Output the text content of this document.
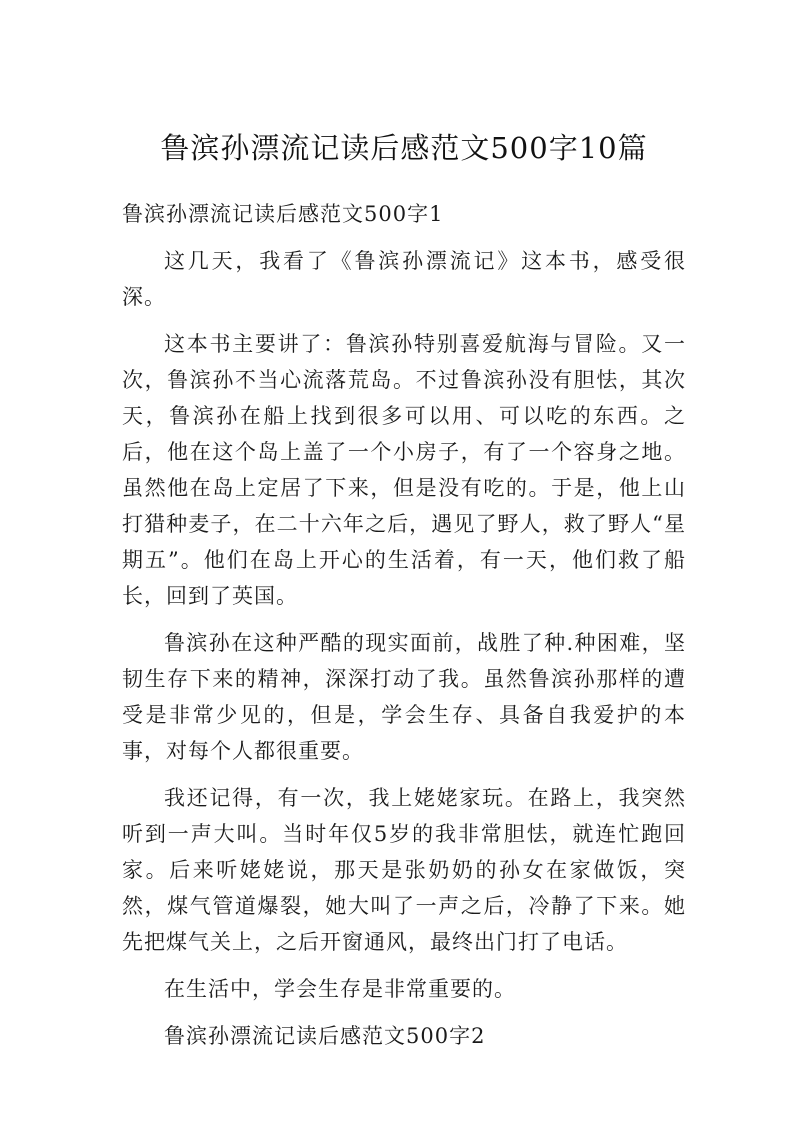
鲁滨孙漂流记读后感范文500字10篇

鲁滨孙漂流记读后感范文500字1

这几天，我看了《鲁滨孙漂流记》这本书，感受很深。

这本书主要讲了：鲁滨孙特别喜爱航海与冒险。又一次，鲁滨孙不当心流落荒岛。不过鲁滨孙没有胆怯，其次天，鲁滨孙在船上找到很多可以用、可以吃的东西。之后，他在这个岛上盖了一个小房子，有了一个容身之地。虽然他在岛上定居了下来，但是没有吃的。于是，他上山打猎种麦子，在二十六年之后，遇见了野人，救了野人“星期五”。他们在岛上开心的生活着，有一天，他们救了船长，回到了英国。

鲁滨孙在这种严酷的现实面前，战胜了种.种困难，坚韧生存下来的精神，深深打动了我。虽然鲁滨孙那样的遭受是非常少见的，但是，学会生存、具备自我爱护的本事，对每个人都很重要。

我还记得，有一次，我上姥姥家玩。在路上，我突然听到一声大叫。当时年仅5岁的我非常胆怯，就连忙跑回家。后来听姥姥说，那天是张奶奶的孙女在家做饭，突然，煤气管道爆裂，她大叫了一声之后，冷静了下来。她先把煤气关上，之后开窗通风，最终出门打了电话。

在生活中，学会生存是非常重要的。

鲁滨孙漂流记读后感范文500字2
